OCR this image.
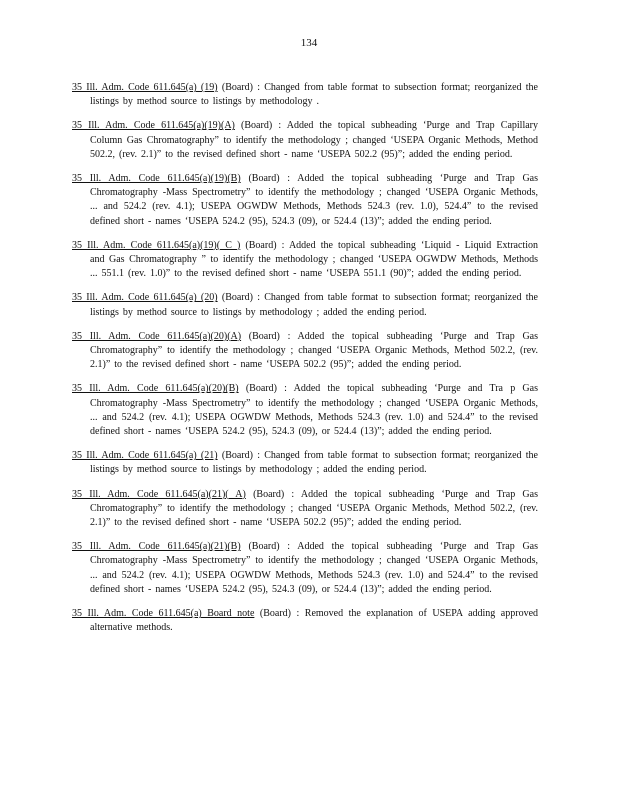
134

35 Ill. Adm. Code 611.645(a) (19) (Board) : Changed from table format to subsection format; reorganized the listings by method source to listings by methodology .

35 Ill. Adm. Code 611.645(a)(19)(A) (Board) : Added the topical subheading ‘Purge and Trap Capillary Column Gas Chromatography” to identify the methodology ; changed ‘USEPA Organic Methods, Method 502.2, (rev. 2.1)” to the revised defined short - name ‘USEPA 502.2 (95)”; added the ending period.

35 Ill. Adm. Code 611.645(a)(19)(B) (Board) : Added the topical subheading ‘Purge and Trap Gas Chromatography -Mass Spectrometry” to identify the methodology ; changed ‘USEPA Organic Methods, ... and 524.2 (rev. 4.1); USEPA OGWDW Methods, Methods 524.3 (rev. 1.0), 524.4” to the revised defined short - names ‘USEPA 524.2 (95), 524.3 (09), or 524.4 (13)”; added the ending period.

35 Ill. Adm. Code 611.645(a)(19)( C ) (Board) : Added the topical subheading ‘Liquid - Liquid Extraction and Gas Chromatography ” to identify the methodology ; changed ‘USEPA OGWDW Methods, Methods ... 551.1 (rev. 1.0)” to the revised defined short - name ‘USEPA 551.1 (90)”; added the ending period.

35 Ill. Adm. Code 611.645(a) (20) (Board) : Changed from table format to subsection format; reorganized the listings by method source to listings by methodology ; added the ending period.

35 Ill. Adm. Code 611.645(a)(20)(A) (Board) : Added the topical subheading ‘Purge and Trap Gas Chromatography” to identify the methodology ; changed ‘USEPA Organic Methods, Method 502.2, (rev. 2.1)” to the revised defined short - name ‘USEPA 502.2 (95)”; added the ending period.

35 Ill. Adm. Code 611.645(a)(20)(B) (Board) : Added the topical subheading ‘Purge and Tra p Gas Chromatography -Mass Spectrometry” to identify the methodology ; changed ‘USEPA Organic Methods, ... and 524.2 (rev. 4.1); USEPA OGWDW Methods, Methods 524.3 (rev. 1.0) and 524.4” to the revised defined short - names ‘USEPA 524.2 (95), 524.3 (09), or 524.4 (13)”; added the ending period.

35 Ill. Adm. Code 611.645(a) (21) (Board) : Changed from table format to subsection format; reorganized the listings by method source to listings by methodology ; added the ending period.

35 Ill. Adm. Code 611.645(a)(21)( A) (Board) : Added the topical subheading ‘Purge and Trap Gas Chromatography” to identify the methodology ; changed ‘USEPA Organic Methods, Method 502.2, (rev. 2.1)” to the revised defined short - name ‘USEPA 502.2 (95)”; added the ending period.

35 Ill. Adm. Code 611.645(a)(21)(B) (Board) : Added the topical subheading ‘Purge and Trap Gas Chromatography -Mass Spectrometry” to identify the methodology ; changed ‘USEPA Organic Methods, ... and 524.2 (rev. 4.1); USEPA OGWDW Methods, Methods 524.3 (rev. 1.0) and 524.4” to the revised defined short - names ‘USEPA 524.2 (95), 524.3 (09), or 524.4 (13)”; added the ending period.

35 Ill. Adm. Code 611.645(a) Board note (Board) : Removed the explanation of USEPA adding approved alternative methods.
